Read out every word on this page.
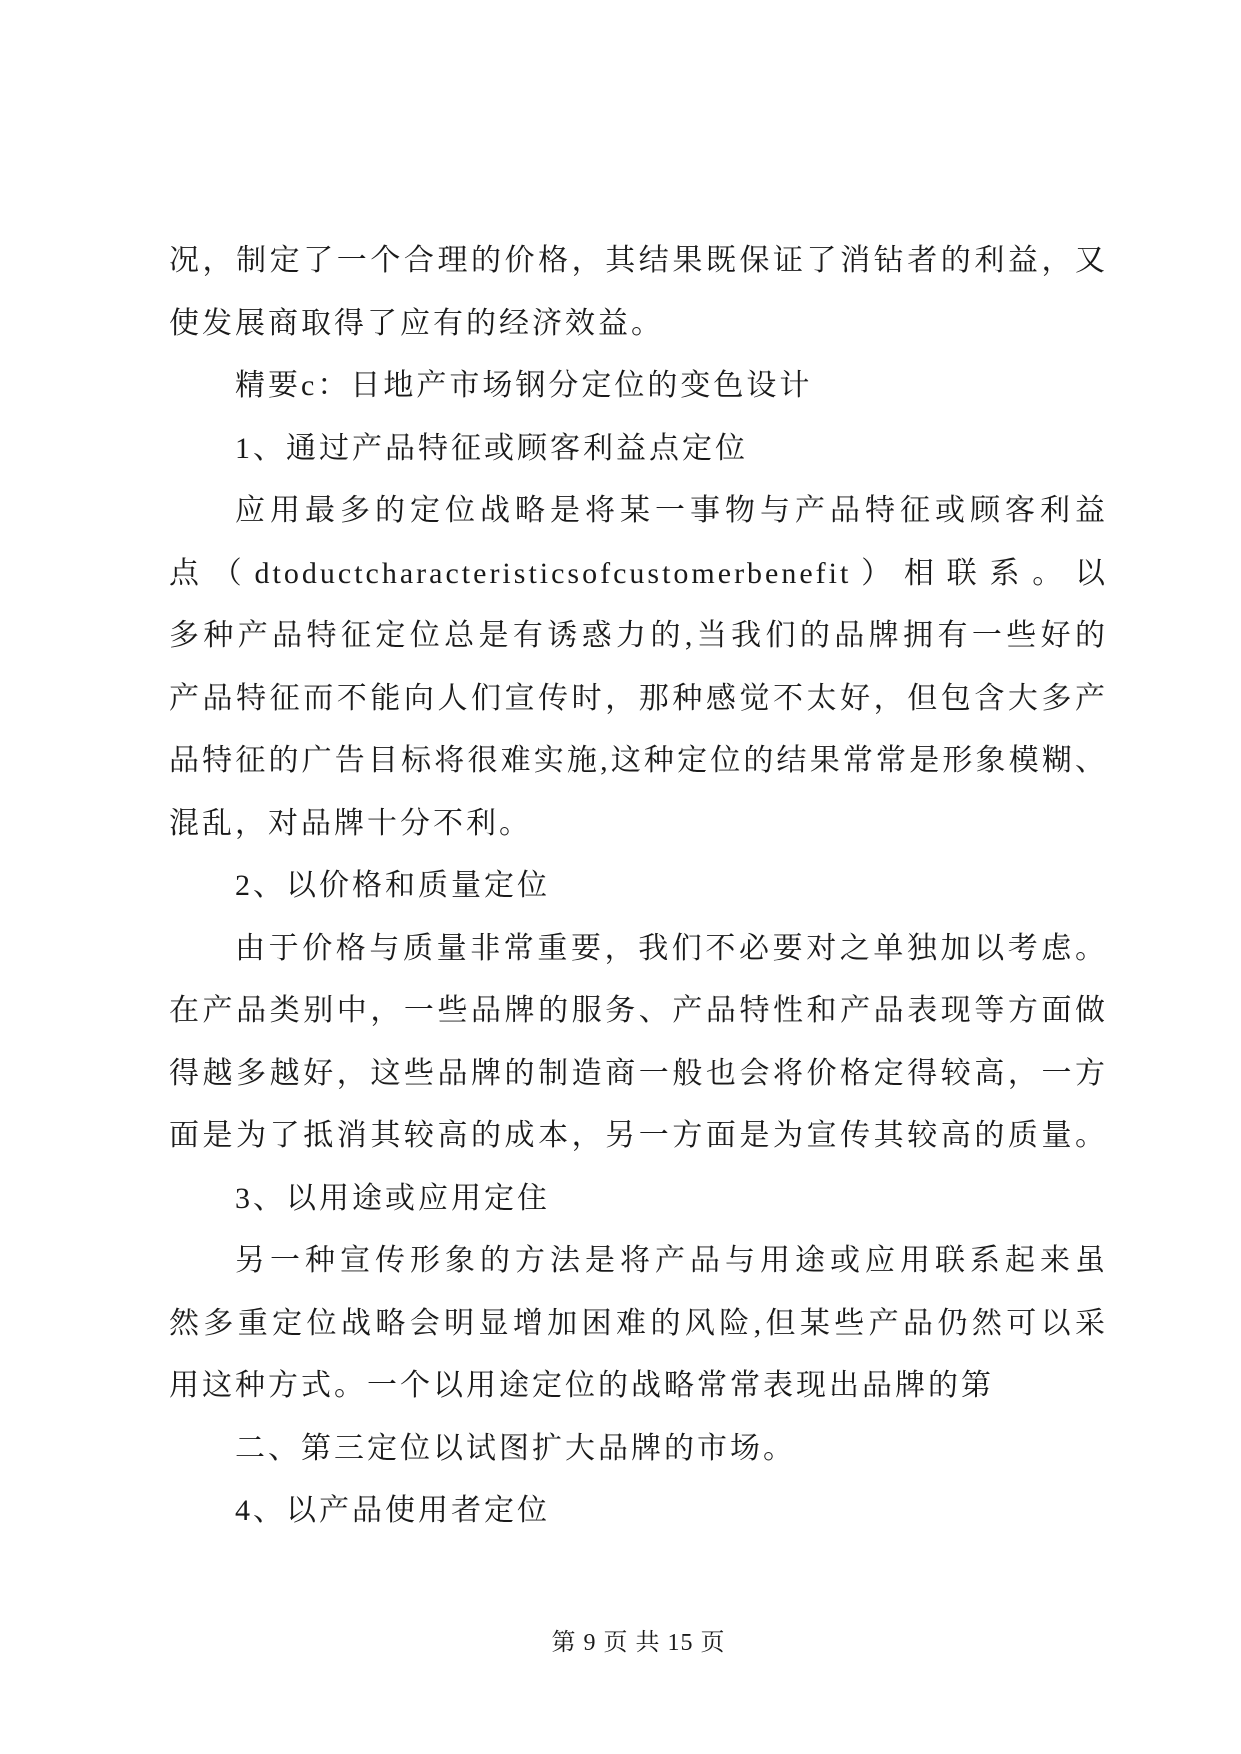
况，制定了一个合理的价格，其结果既保证了消钻者的利益，又
使发展商取得了应有的经济效益。
精要c：日地产市场钢分定位的变色设计
1、通过产品特征或顾客利益点定位
应用最多的定位战略是将某一事物与产品特征或顾客利益
点（dtoductcharacteristicsofcustomerbenefit）相联系。以
多种产品特征定位总是有诱惑力的,当我们的品牌拥有一些好的
产品特征而不能向人们宣传时，那种感觉不太好，但包含大多产
品特征的广告目标将很难实施,这种定位的结果常常是形象模糊、
混乱，对品牌十分不利。
2、以价格和质量定位
由于价格与质量非常重要，我们不必要对之单独加以考虑。
在产品类别中，一些品牌的服务、产品特性和产品表现等方面做
得越多越好，这些品牌的制造商一般也会将价格定得较高，一方
面是为了抵消其较高的成本，另一方面是为宣传其较高的质量。
3、以用途或应用定住
另一种宣传形象的方法是将产品与用途或应用联系起来虽
然多重定位战略会明显增加困难的风险,但某些产品仍然可以采
用这种方式。一个以用途定位的战略常常表现出品牌的第
二、第三定位以试图扩大品牌的市场。
4、以产品使用者定位
第 9 页 共 15 页
